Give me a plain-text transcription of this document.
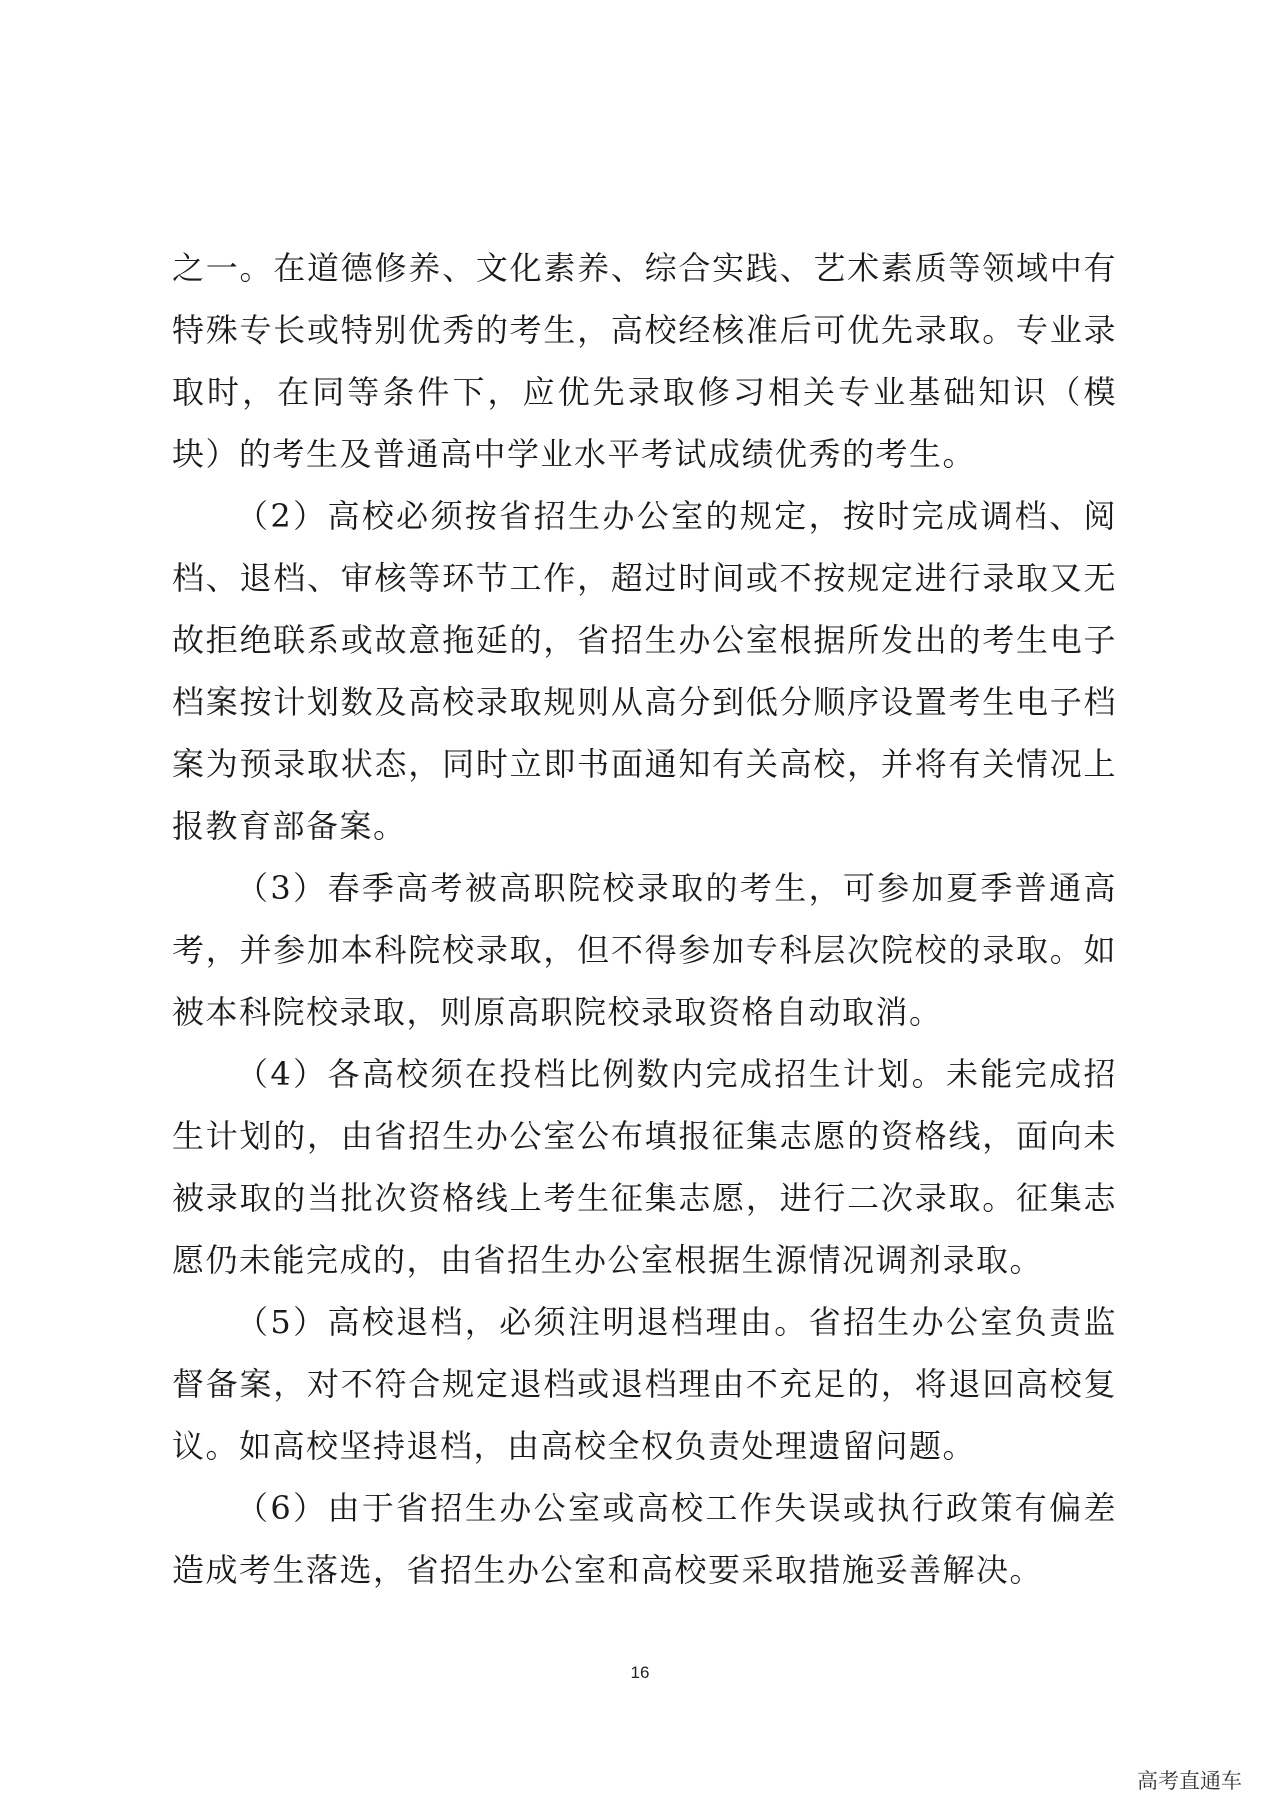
之一。在道德修养、文化素养、综合实践、艺术素质等领域中有特殊专长或特别优秀的考生，高校经核准后可优先录取。专业录取时，在同等条件下，应优先录取修习相关专业基础知识（模块）的考生及普通高中学业水平考试成绩优秀的考生。

（2）高校必须按省招生办公室的规定，按时完成调档、阅档、退档、审核等环节工作，超过时间或不按规定进行录取又无故拒绝联系或故意拖延的，省招生办公室根据所发出的考生电子档案按计划数及高校录取规则从高分到低分顺序设置考生电子档案为预录取状态，同时立即书面通知有关高校，并将有关情况上报教育部备案。

（3）春季高考被高职院校录取的考生，可参加夏季普通高考，并参加本科院校录取，但不得参加专科层次院校的录取。如被本科院校录取，则原高职院校录取资格自动取消。

（4）各高校须在投档比例数内完成招生计划。未能完成招生计划的，由省招生办公室公布填报征集志愿的资格线，面向未被录取的当批次资格线上考生征集志愿，进行二次录取。征集志愿仍未能完成的，由省招生办公室根据生源情况调剂录取。

（5）高校退档，必须注明退档理由。省招生办公室负责监督备案，对不符合规定退档或退档理由不充足的，将退回高校复议。如高校坚持退档，由高校全权负责处理遗留问题。

（6）由于省招生办公室或高校工作失误或执行政策有偏差造成考生落选，省招生办公室和高校要采取措施妥善解决。

16
高考直通车
